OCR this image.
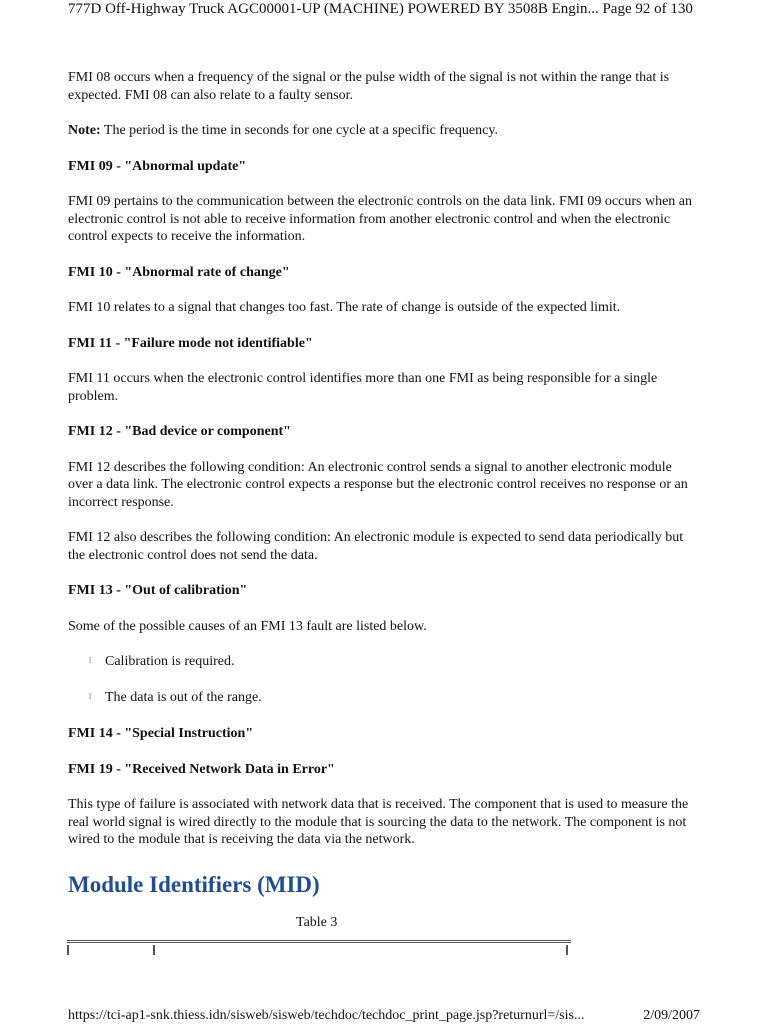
777D Off-Highway Truck AGC00001-UP (MACHINE) POWERED BY 3508B Engin... Page 92 of 130

FMI 08 occurs when a frequency of the signal or the pulse width of the signal is not within the range that is expected. FMI 08 can also relate to a faulty sensor.

Note: The period is the time in seconds for one cycle at a specific frequency.

FMI 09 - "Abnormal update"

FMI 09 pertains to the communication between the electronic controls on the data link. FMI 09 occurs when an electronic control is not able to receive information from another electronic control and when the electronic control expects to receive the information.

FMI 10 - "Abnormal rate of change"

FMI 10 relates to a signal that changes too fast. The rate of change is outside of the expected limit.

FMI 11 - "Failure mode not identifiable"

FMI 11 occurs when the electronic control identifies more than one FMI as being responsible for a single problem.

FMI 12 - "Bad device or component"

FMI 12 describes the following condition: An electronic control sends a signal to another electronic module over a data link. The electronic control expects a response but the electronic control receives no response or an incorrect response.

FMI 12 also describes the following condition: An electronic module is expected to send data periodically but the electronic control does not send the data.

FMI 13 - "Out of calibration"

Some of the possible causes of an FMI 13 fault are listed below.

l Calibration is required.
l The data is out of the range.

FMI 14 - "Special Instruction"

FMI 19 - "Received Network Data in Error"

This type of failure is associated with network data that is received. The component that is used to measure the real world signal is wired directly to the module that is sourcing the data to the network. The component is not wired to the module that is receiving the data via the network.

Module Identifiers (MID)
Table 3
https://tci-ap1-snk.thiess.idn/sisweb/sisweb/techdoc/techdoc_print_page.jsp?returnurl=/sis...	2/09/2007
